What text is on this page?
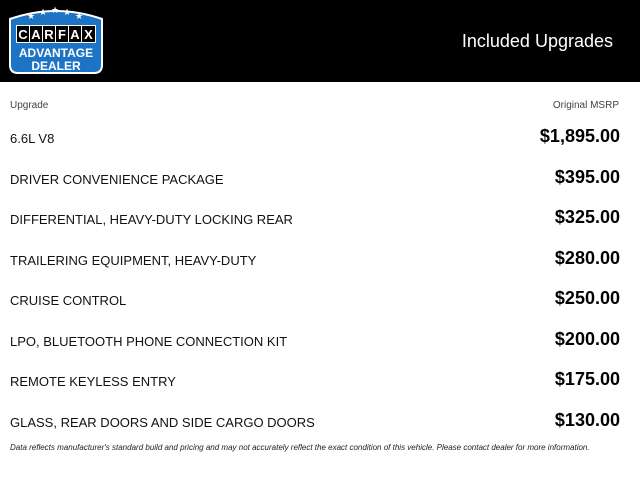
★ ★ ★ ★ ★
C A R F A X
ADVANTAGE
DEALER
Included Upgrades
Upgrade	Original MSRP
6.6L V8	$1,895.00
DRIVER CONVENIENCE PACKAGE	$395.00
DIFFERENTIAL, HEAVY-DUTY LOCKING REAR	$325.00
TRAILERING EQUIPMENT, HEAVY-DUTY	$280.00
CRUISE CONTROL	$250.00
LPO, BLUETOOTH PHONE CONNECTION KIT	$200.00
REMOTE KEYLESS ENTRY	$175.00
GLASS, REAR DOORS AND SIDE CARGO DOORS	$130.00
Data reflects manufacturer's standard build and pricing and may not accurately reflect the exact condition of this vehicle. Please contact dealer for more information.
